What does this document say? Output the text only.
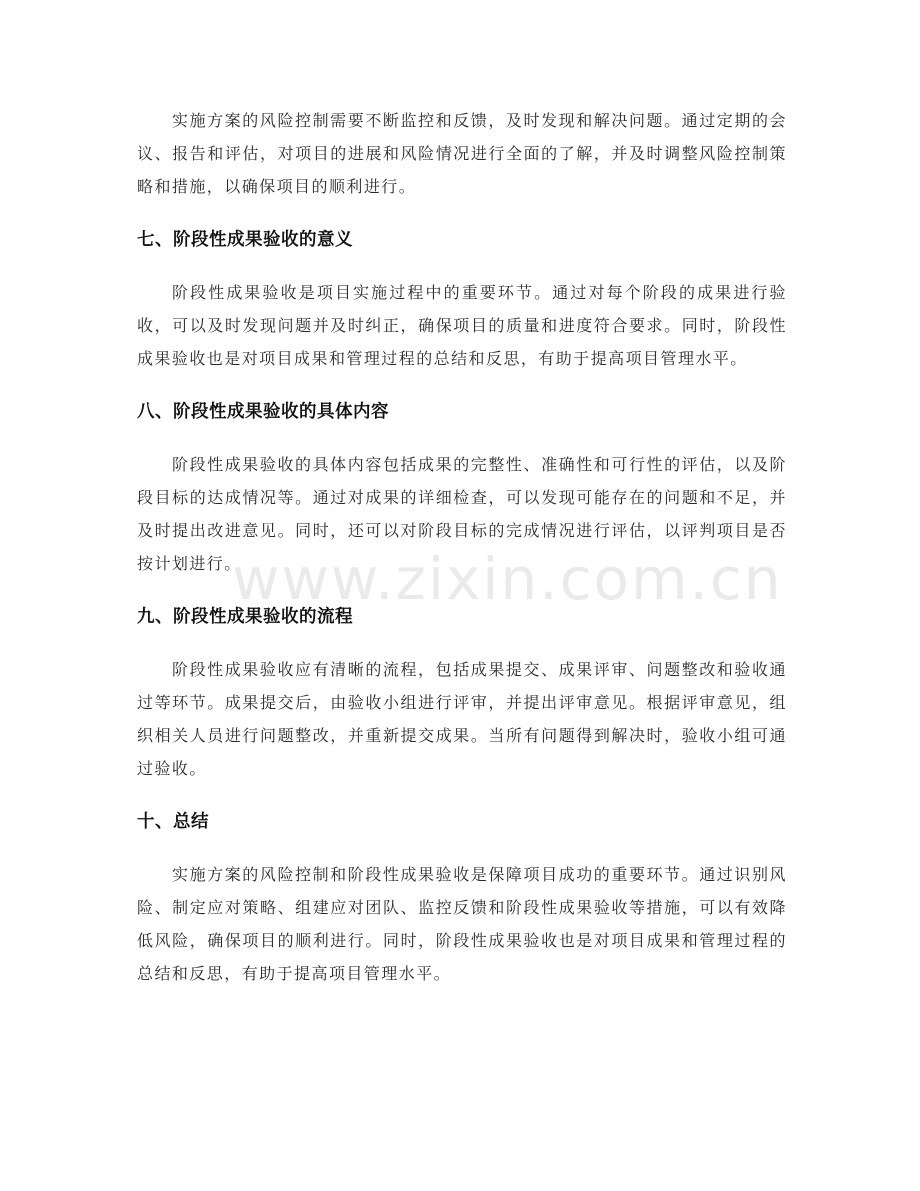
实施方案的风险控制需要不断监控和反馈，及时发现和解决问题。通过定期的会议、报告和评估，对项目的进展和风险情况进行全面的了解，并及时调整风险控制策略和措施，以确保项目的顺利进行。

七、阶段性成果验收的意义

阶段性成果验收是项目实施过程中的重要环节。通过对每个阶段的成果进行验收，可以及时发现问题并及时纠正，确保项目的质量和进度符合要求。同时，阶段性成果验收也是对项目成果和管理过程的总结和反思，有助于提高项目管理水平。

八、阶段性成果验收的具体内容

阶段性成果验收的具体内容包括成果的完整性、准确性和可行性的评估，以及阶段目标的达成情况等。通过对成果的详细检查，可以发现可能存在的问题和不足，并及时提出改进意见。同时，还可以对阶段目标的完成情况进行评估，以评判项目是否按计划进行。

九、阶段性成果验收的流程

阶段性成果验收应有清晰的流程，包括成果提交、成果评审、问题整改和验收通过等环节。成果提交后，由验收小组进行评审，并提出评审意见。根据评审意见，组织相关人员进行问题整改，并重新提交成果。当所有问题得到解决时，验收小组可通过验收。

十、总结

实施方案的风险控制和阶段性成果验收是保障项目成功的重要环节。通过识别风险、制定应对策略、组建应对团队、监控反馈和阶段性成果验收等措施，可以有效降低风险，确保项目的顺利进行。同时，阶段性成果验收也是对项目成果和管理过程的总结和反思，有助于提高项目管理水平。

www.zixin.com.cn
